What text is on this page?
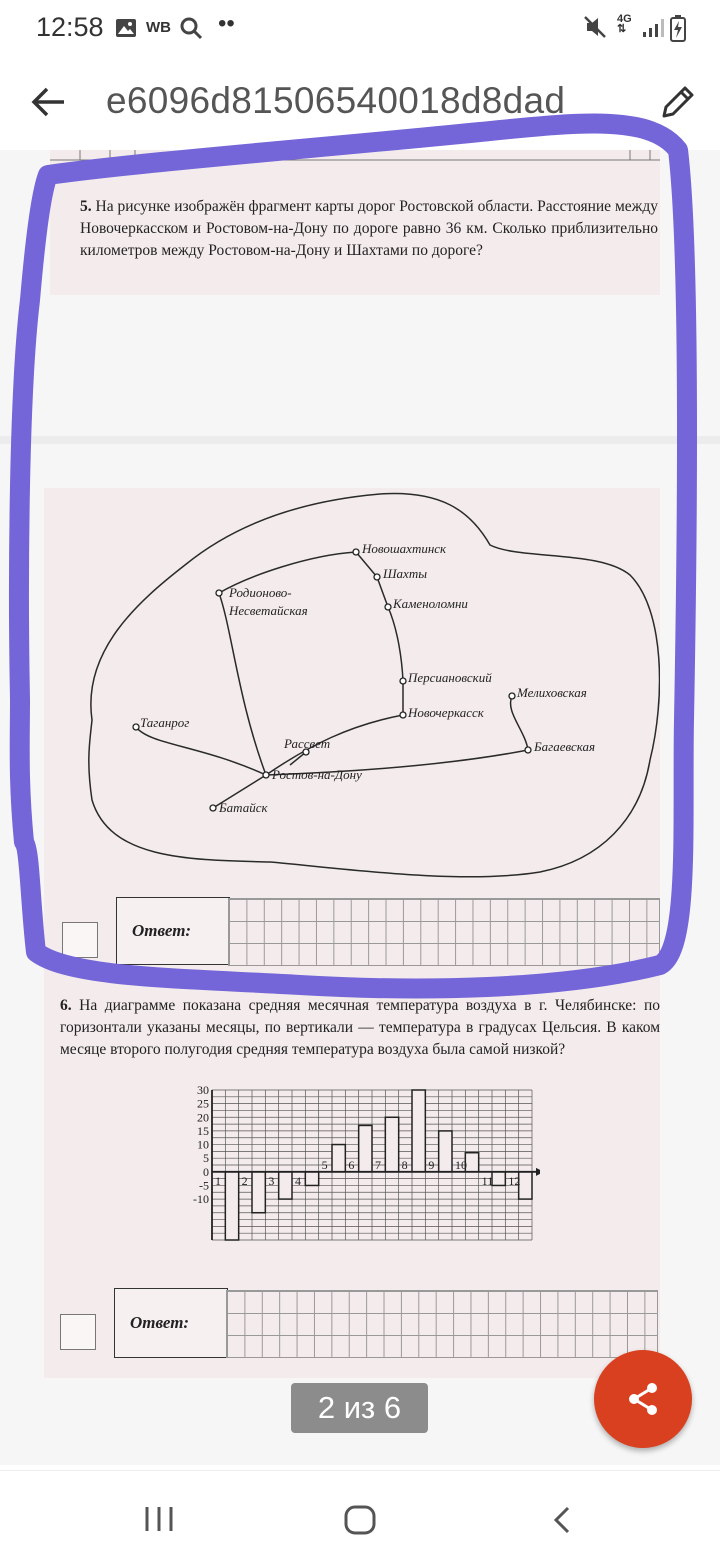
12:58	WB ••	4G
⇅
e6096d81506540018d8dad
5. На рисунке изображён фрагмент карты дорог Ростовской области. Расстояние между Новочеркасском и Ростовом-на-Дону по дороге равно 36 км. Сколько приблизительно километров между Ростовом-на-Дону и Шахтами по дороге?
Новошахтинск
Шахты
Родионово-
Несветайская	Каменоломни
Персиановский
Мелиховская
Таганрог
Новочеркасск
Рассвет	Багаевская
Ростов-на-Дону
Батайск
Ответ:
6. На диаграмме показана средняя месячная температура воздуха в г. Челябинске: по горизонтали указаны месяцы, по вертикали — температура в градусах Цельсия. В каком месяце второго полугодия средняя температура воздуха была самой низкой?
30
25
20
15
10
5
0
-5
-10
1 2 3 4
5 6 7 8 9 10
11 12
Ответ:
2 из 6
